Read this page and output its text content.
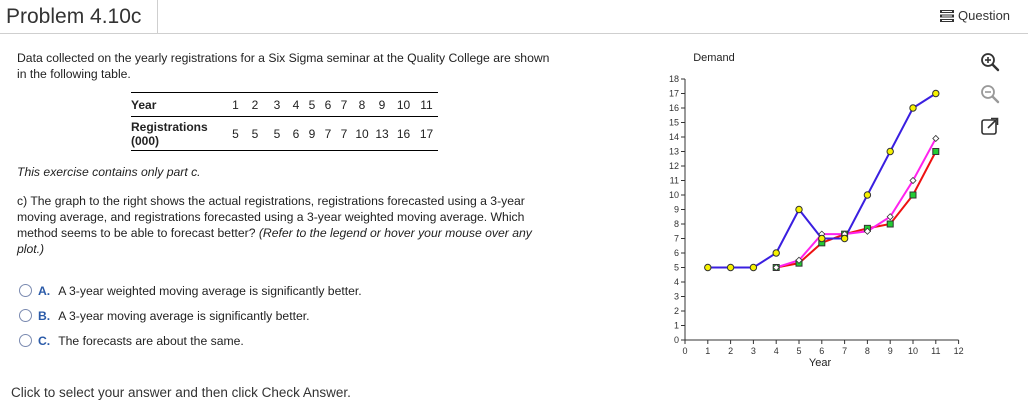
Problem 4.10c	Question
Data collected on the yearly registrations for a Six Sigma seminar at the Quality College are shown in the following table.
Year	1	2	3	4	5	6	7	8	9	10	11
Registrations (000)	5	5	5	6	9	7	7	10	13	16	17
This exercise contains only part c.
c) The graph to the right shows the actual registrations, registrations forecasted using a 3-year moving average, and registrations forecasted using a 3-year weighted moving average. Which method seems to be able to forecast better? (Refer to the legend or hover your mouse over any plot.)
A. A 3-year weighted moving average is significantly better.
B. A 3-year moving average is significantly better.
C. The forecasts are about the same.
Click to select your answer and then click Check Answer.
Demand
Year
0
1
2
3
4
5
6
7
8
9
10
11
12
13
14
15
16
17
18
0 1 2 3 4 5 6 7 8 9 10 11 12
